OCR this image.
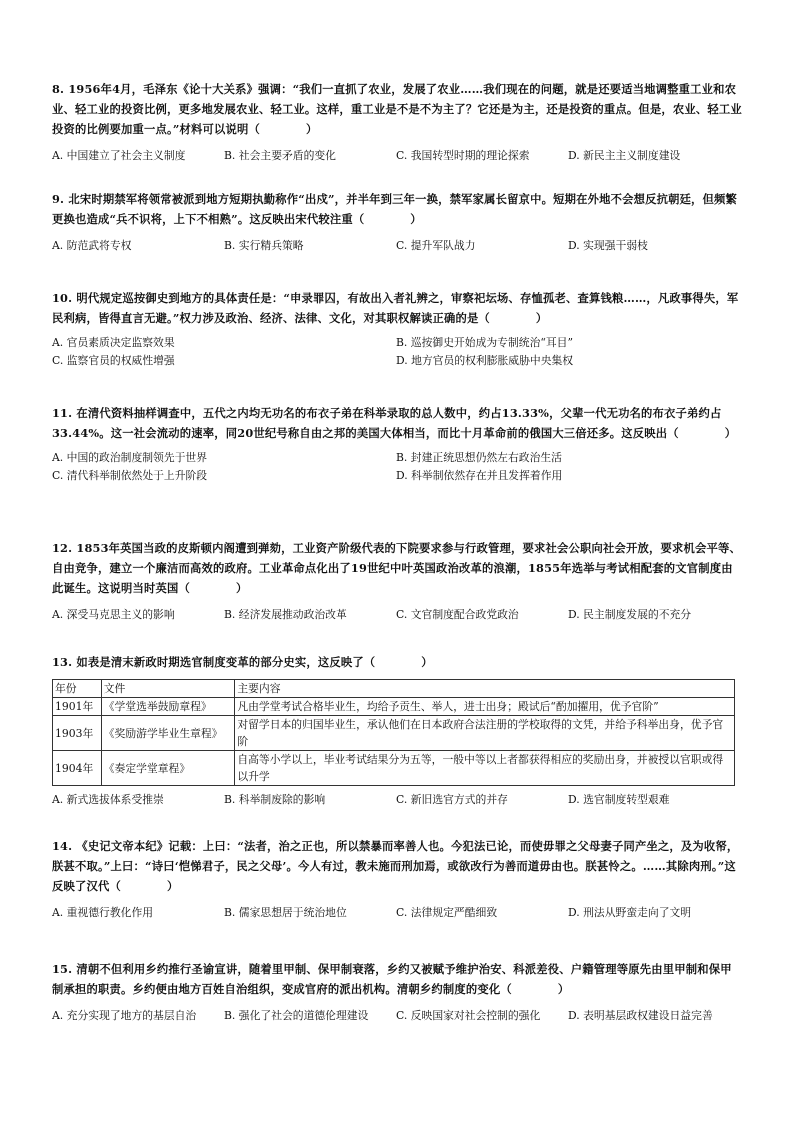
8. 1956年4月，毛泽东《论十大关系》强调：“我们一直抓了农业，发展了农业……我们现在的问题，就是还要适当地调整重工业和农业、轻工业的投资比例，更多地发展农业、轻工业。这样，重工业是不是不为主了？它还是为主，还是投资的重点。但是，农业、轻工业投资的比例要加重一点。”材料可以说明（　　　　）

A. 中国建立了社会主义制度	B. 社会主要矛盾的变化	C. 我国转型时期的理论探索	D. 新民主主义制度建设

9. 北宋时期禁军将领常被派到地方短期执勤称作“出戍”，并半年到三年一换，禁军家属长留京中。短期在外地不会想反抗朝廷，但频繁更换也造成“兵不识将，上下不相熟”。这反映出宋代较注重（　　　　）

A. 防范武将专权	B. 实行精兵策略	C. 提升军队战力	D. 实现强干弱枝

10. 明代规定巡按御史到地方的具体责任是：“申录罪囚，有故出入者礼辨之，审察祀坛场、存恤孤老、查算钱粮……，凡政事得失，军民利病，皆得直言无避。”权力涉及政治、经济、法律、文化，对其职权解读正确的是（　　　　）

A. 官员素质决定监察效果	B. 巡按御史开始成为专制统治“耳目”
C. 监察官员的权威性增强	D. 地方官员的权利膨胀威胁中央集权

11. 在清代资料抽样调查中，五代之内均无功名的布衣子弟在科举录取的总人数中，约占13.33%，父辈一代无功名的布衣子弟约占33.44%。这一社会流动的速率，同20世纪号称自由之邦的美国大体相当，而比十月革命前的俄国大三倍还多。这反映出（　　　　）

A. 中国的政治制度制领先于世界	B. 封建正统思想仍然左右政治生活
C. 清代科举制依然处于上升阶段	D. 科举制依然存在并且发挥着作用

12. 1853年英国当政的皮斯顿内阁遭到弹劾，工业资产阶级代表的下院要求参与行政管理，要求社会公职向社会开放，要求机会平等、自由竞争，建立一个廉洁而高效的政府。工业革命点化出了19世纪中叶英国政治改革的浪潮，1855年选举与考试相配套的文官制度由此诞生。这说明当时英国（　　　　）

A. 深受马克思主义的影响	B. 经济发展推动政治改革	C. 文官制度配合政党政治	D. 民主制度发展的不充分

13. 如表是清末新政时期选官制度变革的部分史实，这反映了（　　　　）

年份	文件	主要内容
1901年	《学堂选举鼓励章程》	凡由学堂考试合格毕业生，均给予贡生、举人，进士出身；殿试后“酌加擢用，优予官阶”
1903年	《奖励游学毕业生章程》	对留学日本的归国毕业生，承认他们在日本政府合法注册的学校取得的文凭，并给予科举出身，优予官阶
1904年	《奏定学堂章程》	自高等小学以上，毕业考试结果分为五等，一般中等以上者都获得相应的奖励出身，并被授以官职或得以升学
A. 新式选拔体系受推崇	B. 科举制废除的影响	C. 新旧选官方式的并存	D. 选官制度转型艰难

14. 《史记文帝本纪》记载：上曰：“法者，治之正也，所以禁暴而率善人也。今犯法已论，而使毋罪之父母妻子同产坐之，及为收帑，朕甚不取。”上曰：“诗曰‘恺悌君子，民之父母’。今人有过，教未施而刑加焉，或欲改行为善而道毋由也。朕甚怜之。……其除肉刑。”这反映了汉代（　　　　）

A. 重视德行教化作用	B. 儒家思想居于统治地位	C. 法律规定严酷细致	D. 刑法从野蛮走向了文明

15. 清朝不但利用乡约推行圣谕宣讲，随着里甲制、保甲制衰落，乡约又被赋予维护治安、科派差役、户籍管理等原先由里甲制和保甲制承担的职责。乡约便由地方百姓自治组织，变成官府的派出机构。清朝乡约制度的变化（　　　　）

A. 充分实现了地方的基层自治	B. 强化了社会的道德伦理建设	C. 反映国家对社会控制的强化	D. 表明基层政权建设日益完善
